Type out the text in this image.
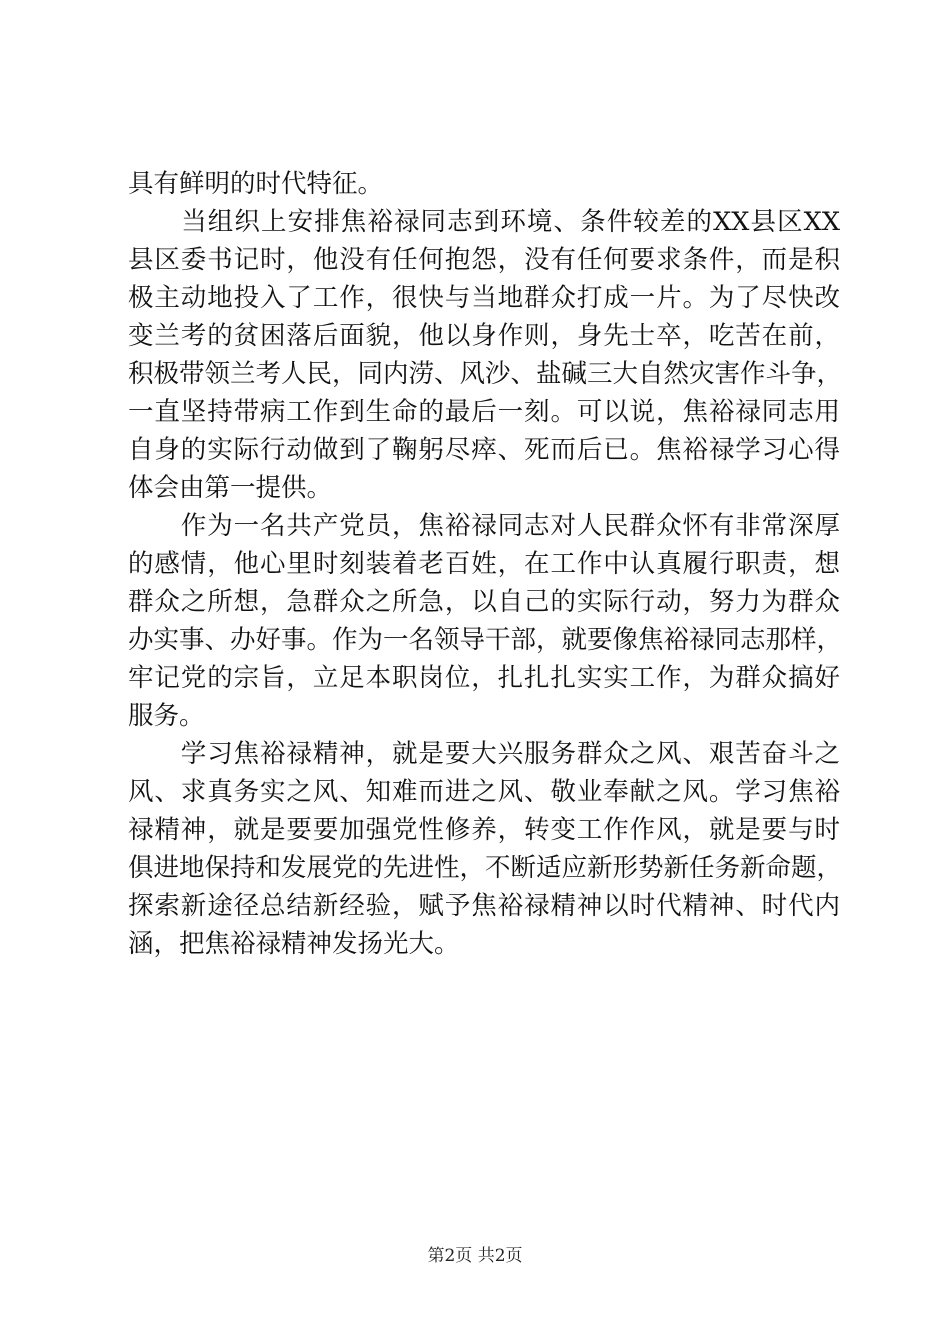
具有鲜明的时代特征。
　　当组织上安排焦裕禄同志到环境、条件较差的XX县区XX
县区委书记时，他没有任何抱怨，没有任何要求条件，而是积
极主动地投入了工作，很快与当地群众打成一片。为了尽快改
变兰考的贫困落后面貌，他以身作则，身先士卒，吃苦在前，
积极带领兰考人民，同内涝、风沙、盐碱三大自然灾害作斗争，
一直坚持带病工作到生命的最后一刻。可以说，焦裕禄同志用
自身的实际行动做到了鞠躬尽瘁、死而后已。焦裕禄学习心得
体会由第一提供。
　　作为一名共产党员，焦裕禄同志对人民群众怀有非常深厚
的感情，他心里时刻装着老百姓，在工作中认真履行职责，想
群众之所想，急群众之所急，以自己的实际行动，努力为群众
办实事、办好事。作为一名领导干部，就要像焦裕禄同志那样，
牢记党的宗旨，立足本职岗位，扎扎扎实实工作，为群众搞好
服务。
　　学习焦裕禄精神，就是要大兴服务群众之风、艰苦奋斗之
风、求真务实之风、知难而进之风、敬业奉献之风。学习焦裕
禄精神，就是要要加强党性修养，转变工作作风，就是要与时
俱进地保持和发展党的先进性，不断适应新形势新任务新命题，
探索新途径总结新经验，赋予焦裕禄精神以时代精神、时代内
涵，把焦裕禄精神发扬光大。
第2页 共2页
